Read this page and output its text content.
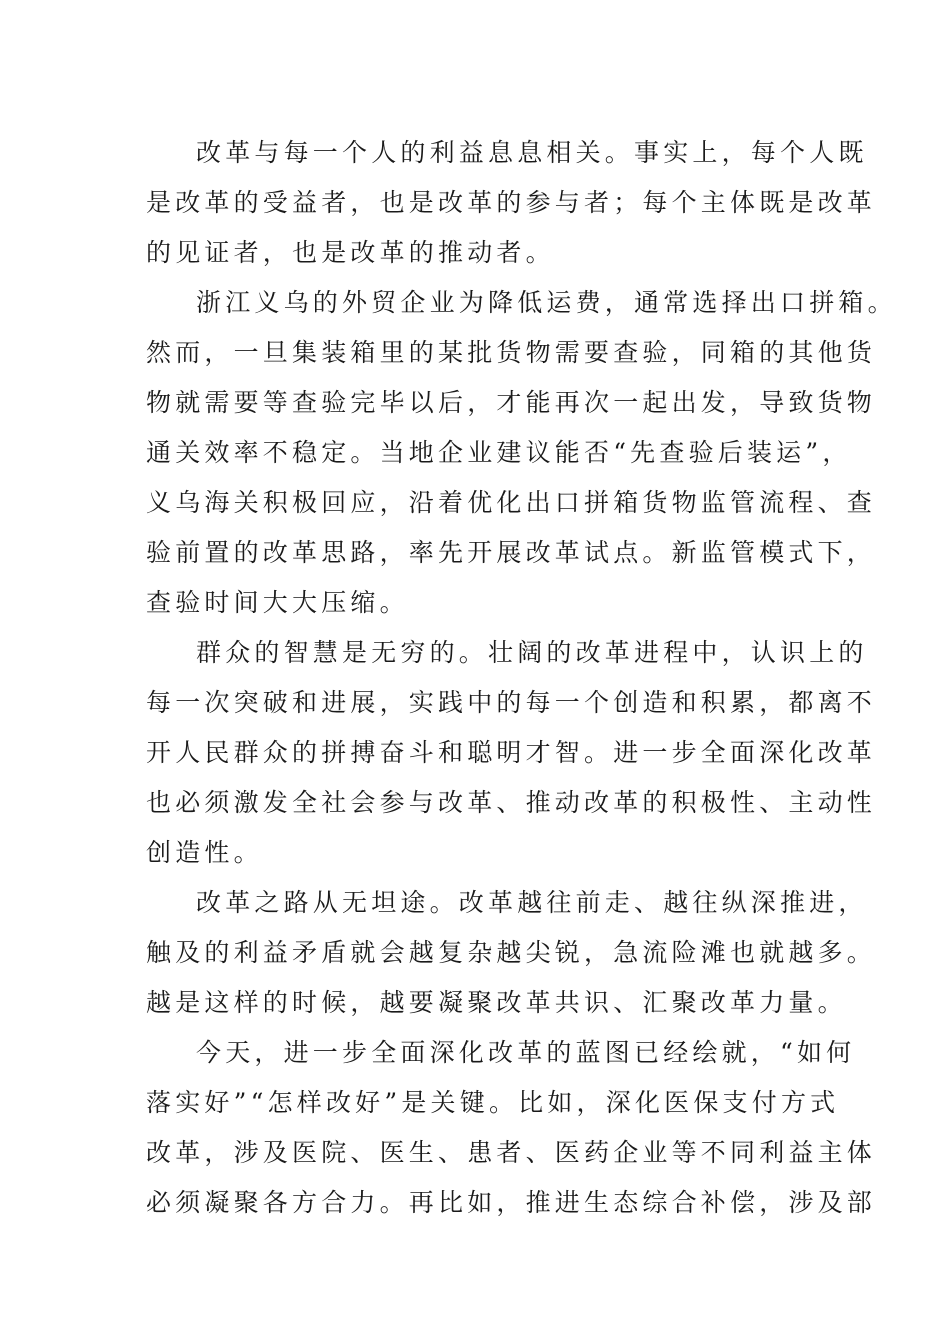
改革与每一个人的利益息息相关。事实上，每个人既
是改革的受益者，也是改革的参与者；每个主体既是改革
的见证者，也是改革的推动者。
浙江义乌的外贸企业为降低运费，通常选择出口拼箱。
然而，一旦集装箱里的某批货物需要查验，同箱的其他货
物就需要等查验完毕以后，才能再次一起出发，导致货物
通关效率不稳定。当地企业建议能否“先查验后装运”，
义乌海关积极回应，沿着优化出口拼箱货物监管流程、查
验前置的改革思路，率先开展改革试点。新监管模式下，
查验时间大大压缩。
群众的智慧是无穷的。壮阔的改革进程中，认识上的
每一次突破和进展，实践中的每一个创造和积累，都离不
开人民群众的拼搏奋斗和聪明才智。进一步全面深化改革
也必须激发全社会参与改革、推动改革的积极性、主动性
创造性。
改革之路从无坦途。改革越往前走、越往纵深推进，
触及的利益矛盾就会越复杂越尖锐，急流险滩也就越多。
越是这样的时候，越要凝聚改革共识、汇聚改革力量。
今天，进一步全面深化改革的蓝图已经绘就，“如何
落实好”“怎样改好”是关键。比如，深化医保支付方式
改革，涉及医院、医生、患者、医药企业等不同利益主体
必须凝聚各方合力。再比如，推进生态综合补偿，涉及部
